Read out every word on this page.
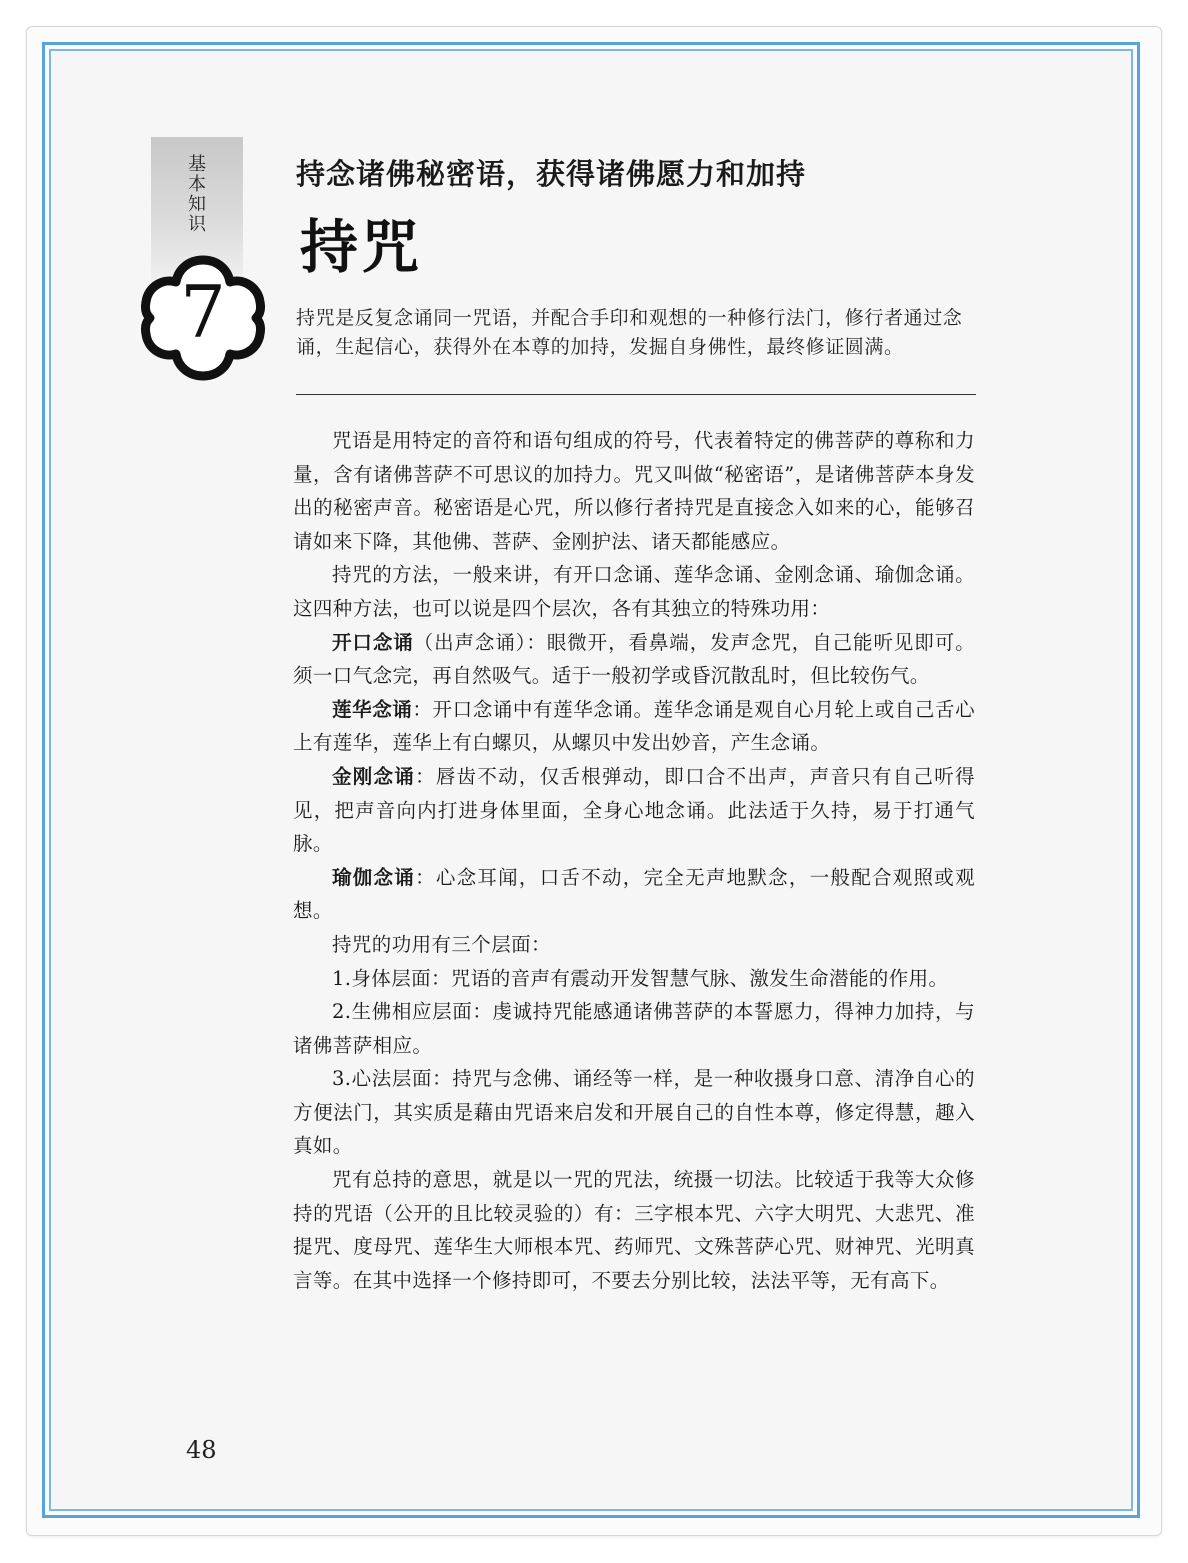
基本知识
7
持念诸佛秘密语，获得诸佛愿力和加持
持咒
持咒是反复念诵同一咒语，并配合手印和观想的一种修行法门，修行者通过念诵，生起信心，获得外在本尊的加持，发掘自身佛性，最终修证圆满。

咒语是用特定的音符和语句组成的符号，代表着特定的佛菩萨的尊称和力量，含有诸佛菩萨不可思议的加持力。咒又叫做“秘密语”，是诸佛菩萨本身发出的秘密声音。秘密语是心咒，所以修行者持咒是直接念入如来的心，能够召请如来下降，其他佛、菩萨、金刚护法、诸天都能感应。

持咒的方法，一般来讲，有开口念诵、莲华念诵、金刚念诵、瑜伽念诵。这四种方法，也可以说是四个层次，各有其独立的特殊功用：

开口念诵（出声念诵）：眼微开，看鼻端，发声念咒，自己能听见即可。须一口气念完，再自然吸气。适于一般初学或昏沉散乱时，但比较伤气。

莲华念诵：开口念诵中有莲华念诵。莲华念诵是观自心月轮上或自己舌心上有莲华，莲华上有白螺贝，从螺贝中发出妙音，产生念诵。

金刚念诵：唇齿不动，仅舌根弹动，即口合不出声，声音只有自己听得见，把声音向内打进身体里面，全身心地念诵。此法适于久持，易于打通气脉。

瑜伽念诵：心念耳闻，口舌不动，完全无声地默念，一般配合观照或观想。

持咒的功用有三个层面：

1.身体层面：咒语的音声有震动开发智慧气脉、激发生命潜能的作用。

2.生佛相应层面：虔诚持咒能感通诸佛菩萨的本誓愿力，得神力加持，与诸佛菩萨相应。

3.心法层面：持咒与念佛、诵经等一样，是一种收摄身口意、清净自心的方便法门，其实质是藉由咒语来启发和开展自己的自性本尊，修定得慧，趣入真如。

咒有总持的意思，就是以一咒的咒法，统摄一切法。比较适于我等大众修持的咒语（公开的且比较灵验的）有：三字根本咒、六字大明咒、大悲咒、准提咒、度母咒、莲华生大师根本咒、药师咒、文殊菩萨心咒、财神咒、光明真言等。在其中选择一个修持即可，不要去分别比较，法法平等，无有高下。

48
